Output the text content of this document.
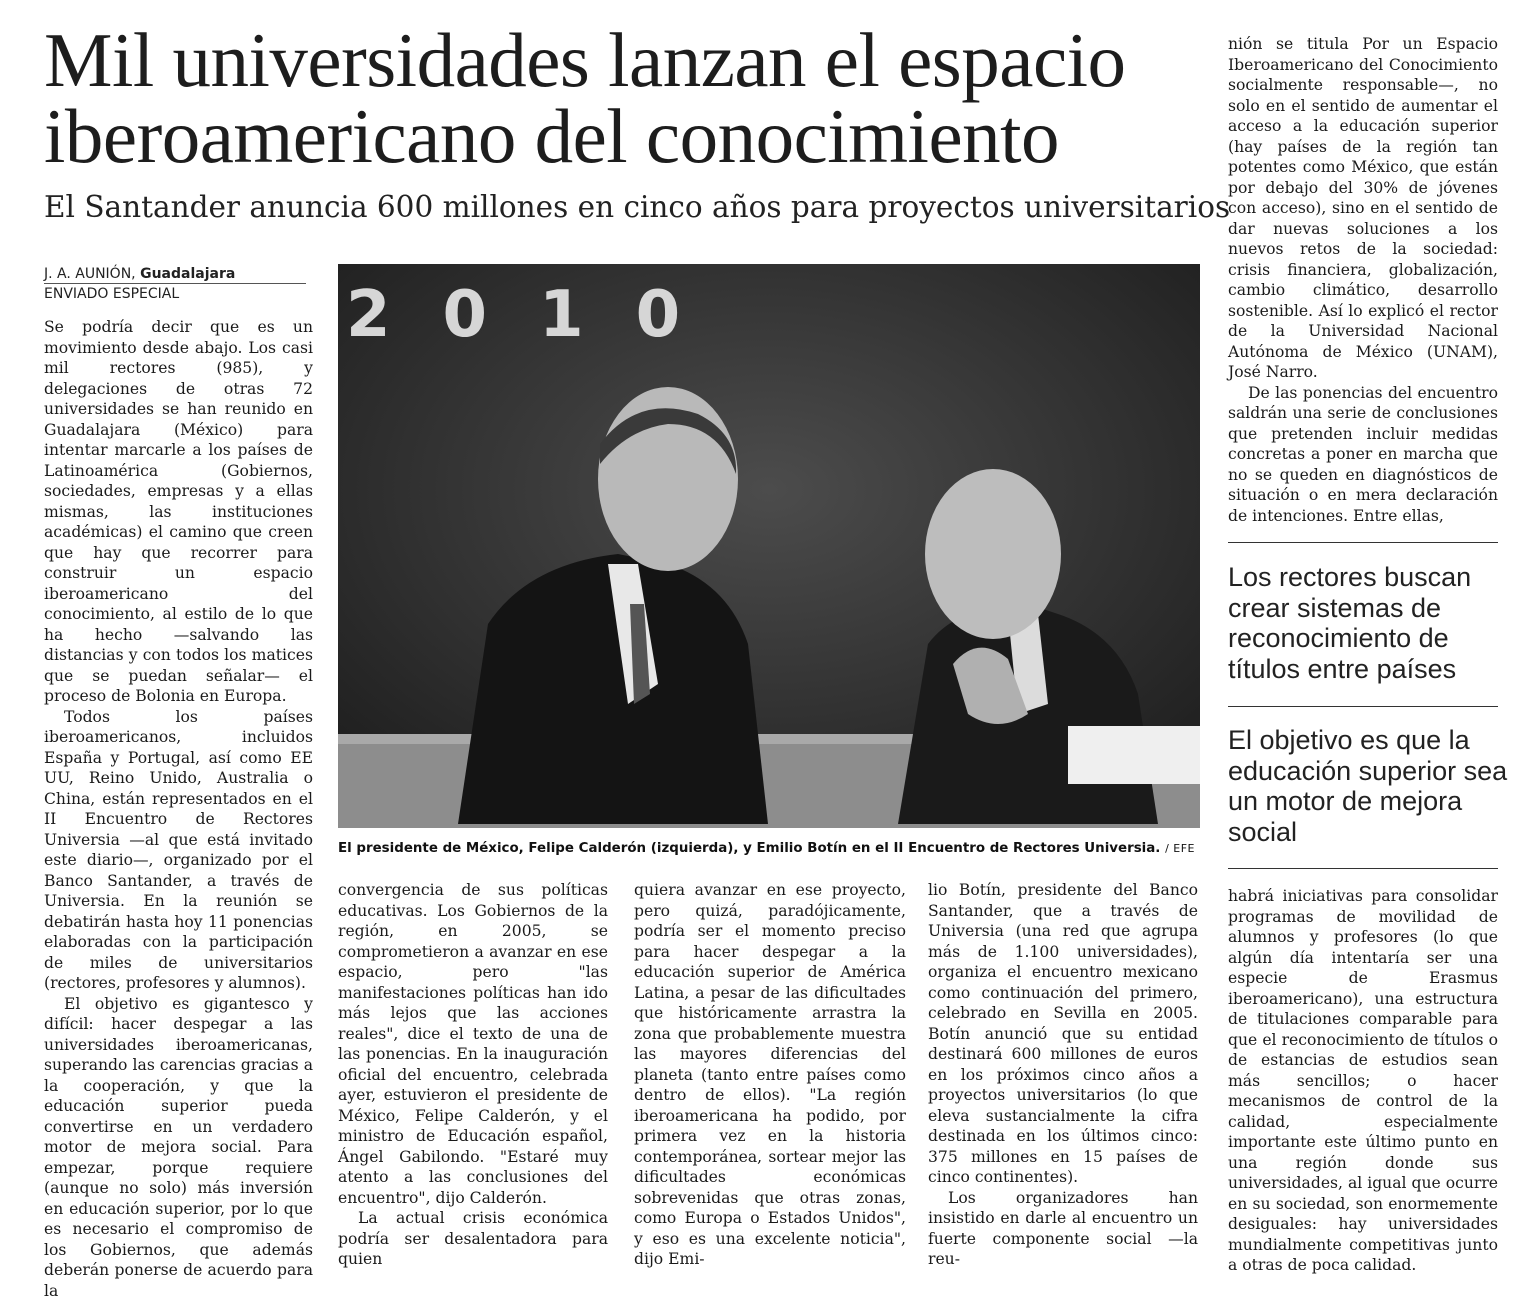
Mil universidades lanzan el espacio iberoamericano del conocimiento
El Santander anuncia 600 millones en cinco años para proyectos universitarios
J. A. AUNIÓN, Guadalajara
ENVIADO ESPECIAL

Se podría decir que es un movimiento desde abajo. Los casi mil rectores (985), y delegaciones de otras 72 universidades se han reunido en Guadalajara (México) para intentar marcarle a los países de Latinoamérica (Gobiernos, sociedades, empresas y a ellas mismas, las instituciones académicas) el camino que creen que hay que recorrer para construir un espacio iberoamericano del conocimiento, al estilo de lo que ha hecho —salvando las distancias y con todos los matices que se puedan señalar— el proceso de Bolonia en Europa.

Todos los países iberoamericanos, incluidos España y Portugal, así como EE UU, Reino Unido, Australia o China, están representados en el II Encuentro de Rectores Universia —al que está invitado este diario—, organizado por el Banco Santander, a través de Universia. En la reunión se debatirán hasta hoy 11 ponencias elaboradas con la participación de miles de universitarios (rectores, profesores y alumnos).

El objetivo es gigantesco y difícil: hacer despegar a las universidades iberoamericanas, superando las carencias gracias a la cooperación, y que la educación superior pueda convertirse en un verdadero motor de mejora social. Para empezar, porque requiere (aunque no solo) más inversión en educación superior, por lo que es necesario el compromiso de los Gobiernos, que además deberán ponerse de acuerdo para la

2010
El presidente de México, Felipe Calderón (izquierda), y Emilio Botín en el II Encuentro de Rectores Universia. / EFE

convergencia de sus políticas educativas. Los Gobiernos de la región, en 2005, se comprometieron a avanzar en ese espacio, pero "las manifestaciones políticas han ido más lejos que las acciones reales", dice el texto de una de las ponencias. En la inauguración oficial del encuentro, celebrada ayer, estuvieron el presidente de México, Felipe Calderón, y el ministro de Educación español, Ángel Gabilondo. "Estaré muy atento a las conclusiones del encuentro", dijo Calderón.

La actual crisis económica podría ser desalentadora para quien

quiera avanzar en ese proyecto, pero quizá, paradójicamente, podría ser el momento preciso para hacer despegar a la educación superior de América Latina, a pesar de las dificultades que históricamente arrastra la zona que probablemente muestra las mayores diferencias del planeta (tanto entre países como dentro de ellos). "La región iberoamericana ha podido, por primera vez en la historia contemporánea, sortear mejor las dificultades económicas sobrevenidas que otras zonas, como Europa o Estados Unidos", y eso es una excelente noticia", dijo Emi-

lio Botín, presidente del Banco Santander, que a través de Universia (una red que agrupa más de 1.100 universidades), organiza el encuentro mexicano como continuación del primero, celebrado en Sevilla en 2005. Botín anunció que su entidad destinará 600 millones de euros en los próximos cinco años a proyectos universitarios (lo que eleva sustancialmente la cifra destinada en los últimos cinco: 375 millones en 15 países de cinco continentes).

Los organizadores han insistido en darle al encuentro un fuerte componente social —la reu-

nión se titula Por un Espacio Iberoamericano del Conocimiento socialmente responsable—, no solo en el sentido de aumentar el acceso a la educación superior (hay países de la región tan potentes como México, que están por debajo del 30% de jóvenes con acceso), sino en el sentido de dar nuevas soluciones a los nuevos retos de la sociedad: crisis financiera, globalización, cambio climático, desarrollo sostenible. Así lo explicó el rector de la Universidad Nacional Autónoma de México (UNAM), José Narro.

De las ponencias del encuentro saldrán una serie de conclusiones que pretenden incluir medidas concretas a poner en marcha que no se queden en diagnósticos de situación o en mera declaración de intenciones. Entre ellas,

Los rectores buscan crear sistemas de reconocimiento de títulos entre países
El objetivo es que la educación superior sea un motor de mejora social

habrá iniciativas para consolidar programas de movilidad de alumnos y profesores (lo que algún día intentaría ser una especie de Erasmus iberoamericano), una estructura de titulaciones comparable para que el reconocimiento de títulos o de estancias de estudios sean más sencillos; o hacer mecanismos de control de la calidad, especialmente importante este último punto en una región donde sus universidades, al igual que ocurre en su sociedad, son enormemente desiguales: hay universidades mundialmente competitivas junto a otras de poca calidad.
